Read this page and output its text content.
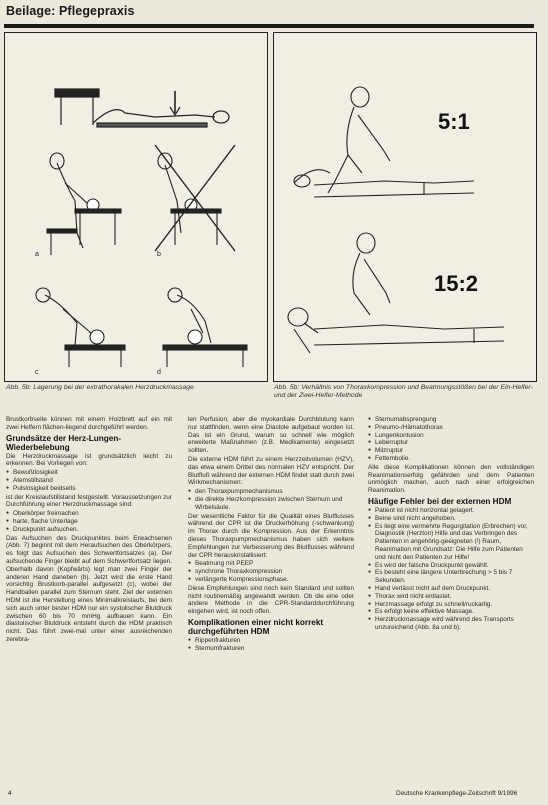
Beilage: Pflegepraxis
a	b
c	d
5:1
15:2
Abb. 5b: Lagerung bei der extrathorakalen Herzdruckmassage	Abb. 5b: Verhältnis von Thoraxkompression und Beatmungsstößen bei der Ein-Helfer- und der Zwei-Helfer-Methode

Brustkorbseite können mit einem Holzbrett auf ein mit zwei Helfern flächen-liegend durchgeführt werden.

Grundsätze der Herz-Lungen-Wiederbelebung

Die Herzdruckmassage ist grundsätzlich leicht zu erkennen. Bei Vorliegen von:

● Bewußtlosigkeit
● Atemstillstand
● Pulslosigkeit beidseits

ist der Kreislaufstillstand festgestellt. Voraussetzungen zur Durchführung einer Herzdruckmassage sind:

● Oberkörper freimachen
● harte, flache Unterlage
● Druckpunkt aufsuchen.

Das Aufsuchen des Druckpunktes beim Erwachsenen (Abb. 7) beginnt mit dem Heraufsuchen des Oberkörpers, es folgt das Aufsuchen des Schwertfortsatzes (a). Der aufsuchende Finger bleibt auf dem Schwertfortsatz liegen. Oberhalb davon (Kopfwärts) legt man zwei Finger der anderen Hand daneben (b). Jetzt wird die erste Hand vorsichtig Brustkorb-parallel aufgesetzt (c), wobei der Handballen parallel zum Sternum steht. Ziel der externen HDM ist die Herstellung eines Minimalkreislaufs, bei dem sich auch unter bester HDM nur ein systolischer Blutdruck zwischen 60 bis 70 mmHg aufbauen kann. Ein diastolischer Blutdruck entsteht durch die HDM praktisch nicht. Das führt zwei-mal unter einer ausreichenden zerebra-

len Perfusion, aber die myokardiale Durchblutung kann nur stattfinden, wenn eine Diastole aufgebaut worden ist. Das ist ein Grund, warum so schnell wie möglich erweiterte Maßnahmen (z.B. Medikamente) eingesetzt sollten.

Die externe HDM führt zu einem Herzzeitvolumen (HZV), das etwa einem Drittel des normalen HZV entspricht. Der Blutfluß während der externen HDM findet statt durch zwei Wirkmechanismen:

● den Thoraxpumpmechanismus
● die direkte Herzkompression zwischen Sternum und Wirbelsäule.

Der wesentliche Faktor für die Qualität eines Blutflusses während der CPR ist die Druckerhöhung (-schwankung) im Thorax durch die Kompression. Aus der Erkenntnis dieses Thoraxpumpmechanismus haben sich weitere Empfehlungen zur Verbesserung des Blutflusses während der CPR herauskristallisiert:

● Beatmung mit PEEP
● synchrone Thoraxkompression
● verlängerte Kompressionsphase.

Diese Empfehlungen sind noch kein Standard und sollten nicht routinemäßig angewandt werden. Ob die eine oder andere Methode in die CPR-Standarddurchführung eingehen wird, ist noch offen.

Komplikationen einer nicht korrekt durchgeführten HDM
● Rippenfrakturen
● Sternumfrakturen
● Sternumabsprengung
● Pneumo-/Hämatothorax
● Lungenkontusion
● Leberruptur
● Milzruptur
● Fettembolie.

Alle diese Komplikationen können den vollständigen Reanimationserfolg gefährden und dem Patienten unmöglich machen, auch nach einer erfolgreichen Reanimation.

Häufige Fehler bei der externen HDM
● Patient ist nicht horizontal gelagert.
● Beine sind nicht angehoben.
● Es liegt eine vermehrte Regurgitation (Erbrechen) vor, Diagnostik (Herzton) Hilfe und das Verbringen des Patienten in angehörig-geeigneten (!) Raum, Reanimation mit Grundsatz: Die Hilfe zum Patienten und nicht den Patienten zur Hilfe!
● Es wird der falsche Druckpunkt gewählt.
● Es besteht eine längere Unterbrechung > 5 bis 7 Sekunden.
● Hand verlässt nicht auf dem Druckpunkt.
● Thorax wird nicht entlastet.
● Herzmassage erfolgt zu schnell/ruckartig.
● Es erfolgt keine effektive Massage.
● Herzdruckmassage wird während des Transports unzureichend (Abb. 8a und b).
4	Deutsche Krankenpflege-Zeitschrift 9/1996
